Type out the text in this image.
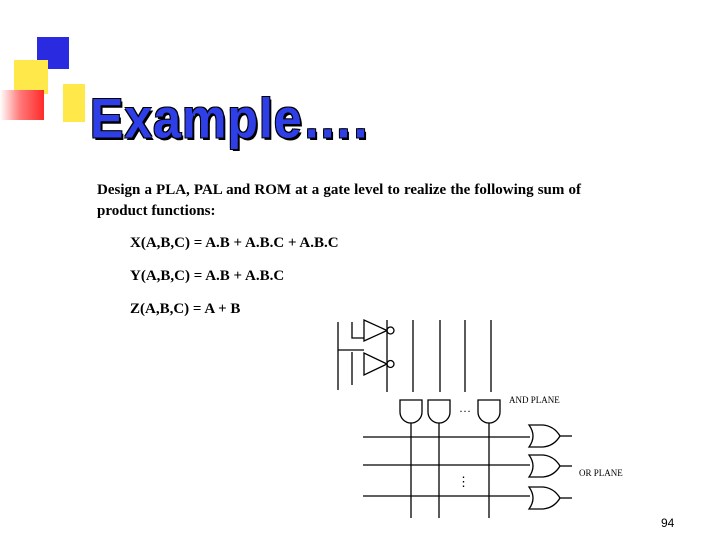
Example….
Design a PLA, PAL and ROM at a gate level to realize the following sum of product functions:
X(A,B,C) = A.B + A.B.C + A.B.C
Y(A,B,C) = A.B + A.B.C
Z(A,B,C) = A + B
AND PLANE
OR PLANE
…
⋮
94
